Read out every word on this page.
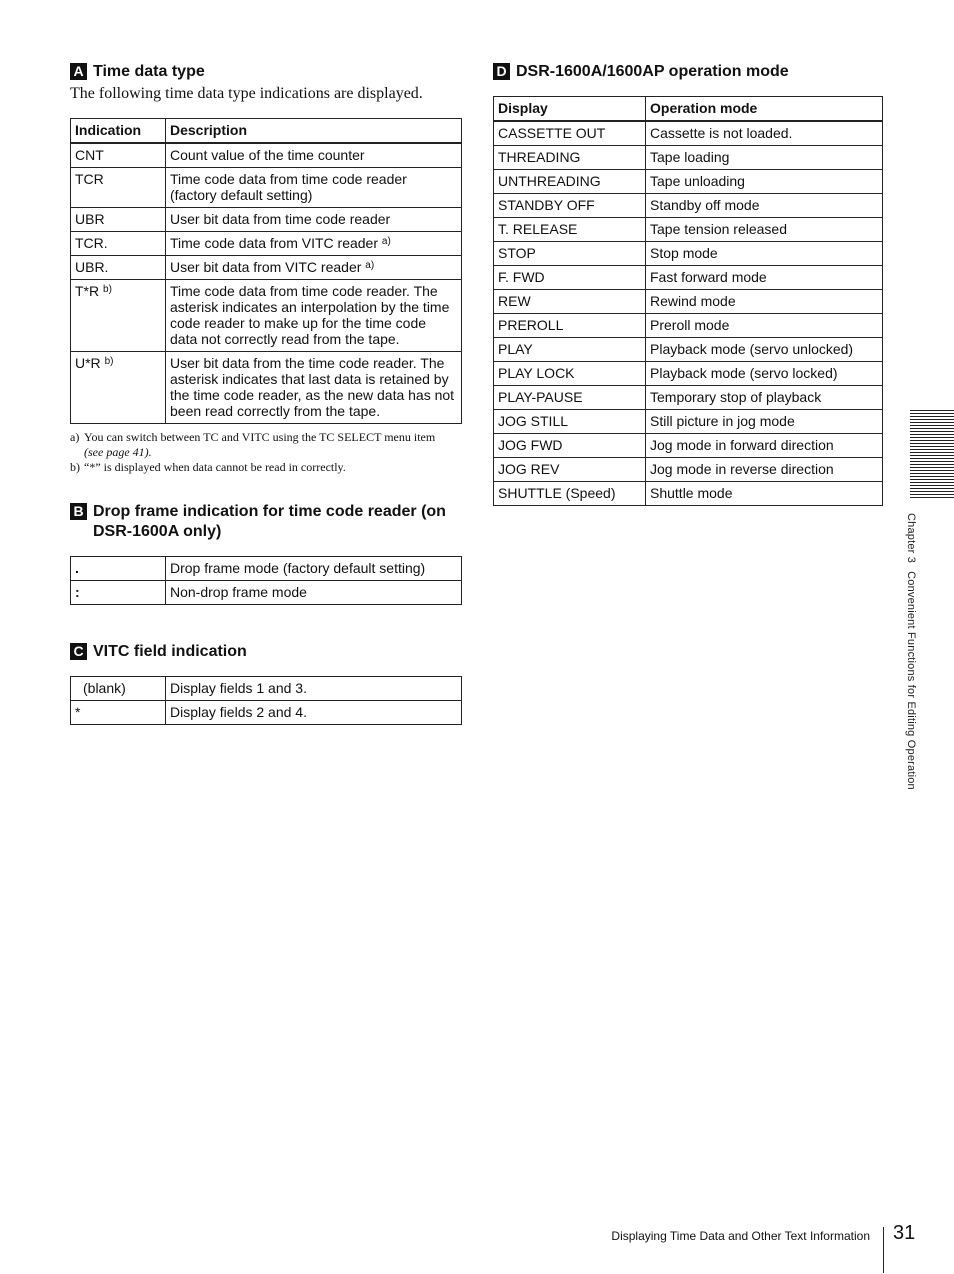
A Time data type

The following time data type indications are displayed.

Indication	Description
CNT	Count value of the time counter
TCR	Time code data from time code reader (factory default setting)
UBR	User bit data from time code reader
TCR.	Time code data from VITC reader $^{a)}$
UBR.	User bit data from VITC reader $^{a)}$
T*R $^{b)}$	Time code data from time code reader. The asterisk indicates an interpolation by the time code reader to make up for the time code data not correctly read from the tape.
U*R $^{b)}$	User bit data from the time code reader. The asterisk indicates that last data is retained by the time code reader, as the new data has not been read correctly from the tape.
a) You can switch between TC and VITC using the TC SELECT menu item
(see page 41).
b) “*” is displayed when data cannot be read in correctly.
B Drop frame indication for time code reader (on DSR-1600A only)
.	Drop frame mode (factory default setting)
:	Non-drop frame mode
C VITC field indication
(blank)	Display fields 1 and 3.
*	Display fields 2 and 4.
D DSR-1600A/1600AP operation mode
Display	Operation mode
CASSETTE OUT	Cassette is not loaded.
THREADING	Tape loading
UNTHREADING	Tape unloading
STANDBY OFF	Standby off mode
T. RELEASE	Tape tension released
STOP	Stop mode
F. FWD	Fast forward mode
REW	Rewind mode
PREROLL	Preroll mode
PLAY	Playback mode (servo unlocked)
PLAY LOCK	Playback mode (servo locked)
PLAY-PAUSE	Temporary stop of playback
JOG STILL	Still picture in jog mode
JOG FWD	Jog mode in forward direction
JOG REV	Jog mode in reverse direction
SHUTTLE (Speed)	Shuttle mode
Chapter 3Convenient Functions for Editing Operation
Displaying Time Data and Other Text Information 31
